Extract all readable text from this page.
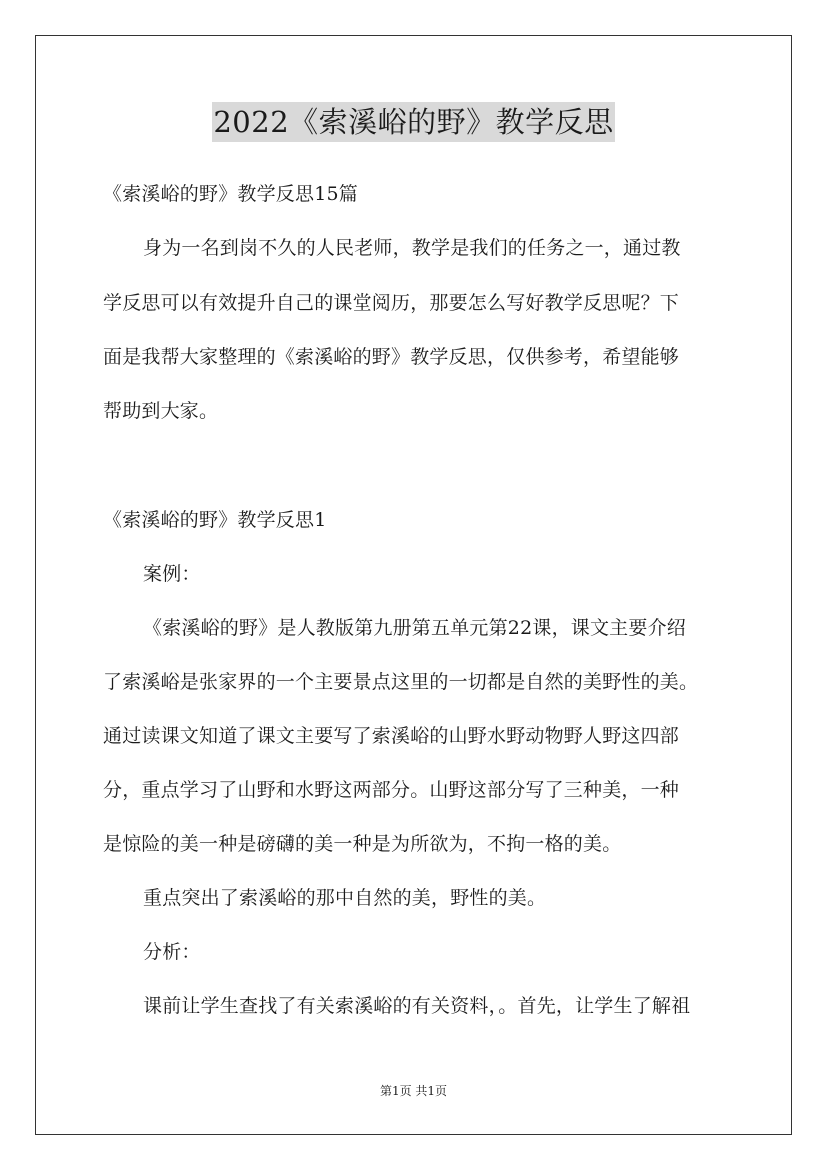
2022《索溪峪的野》教学反思
《索溪峪的野》教学反思15篇
身为一名到岗不久的人民老师，教学是我们的任务之一，通过教
学反思可以有效提升自己的课堂阅历，那要怎么写好教学反思呢？下
面是我帮大家整理的《索溪峪的野》教学反思，仅供参考，希望能够
帮助到大家。
《索溪峪的野》教学反思1
案例：
《索溪峪的野》是人教版第九册第五单元第22课，课文主要介绍
了索溪峪是张家界的一个主要景点这里的一切都是自然的美野性的美。
通过读课文知道了课文主要写了索溪峪的山野水野动物野人野这四部
分，重点学习了山野和水野这两部分。山野这部分写了三种美，一种
是惊险的美一种是磅礴的美一种是为所欲为，不拘一格的美。
重点突出了索溪峪的那中自然的美，野性的美。
分析：
课前让学生查找了有关索溪峪的有关资料，。首先，让学生了解祖
第1页 共1页
